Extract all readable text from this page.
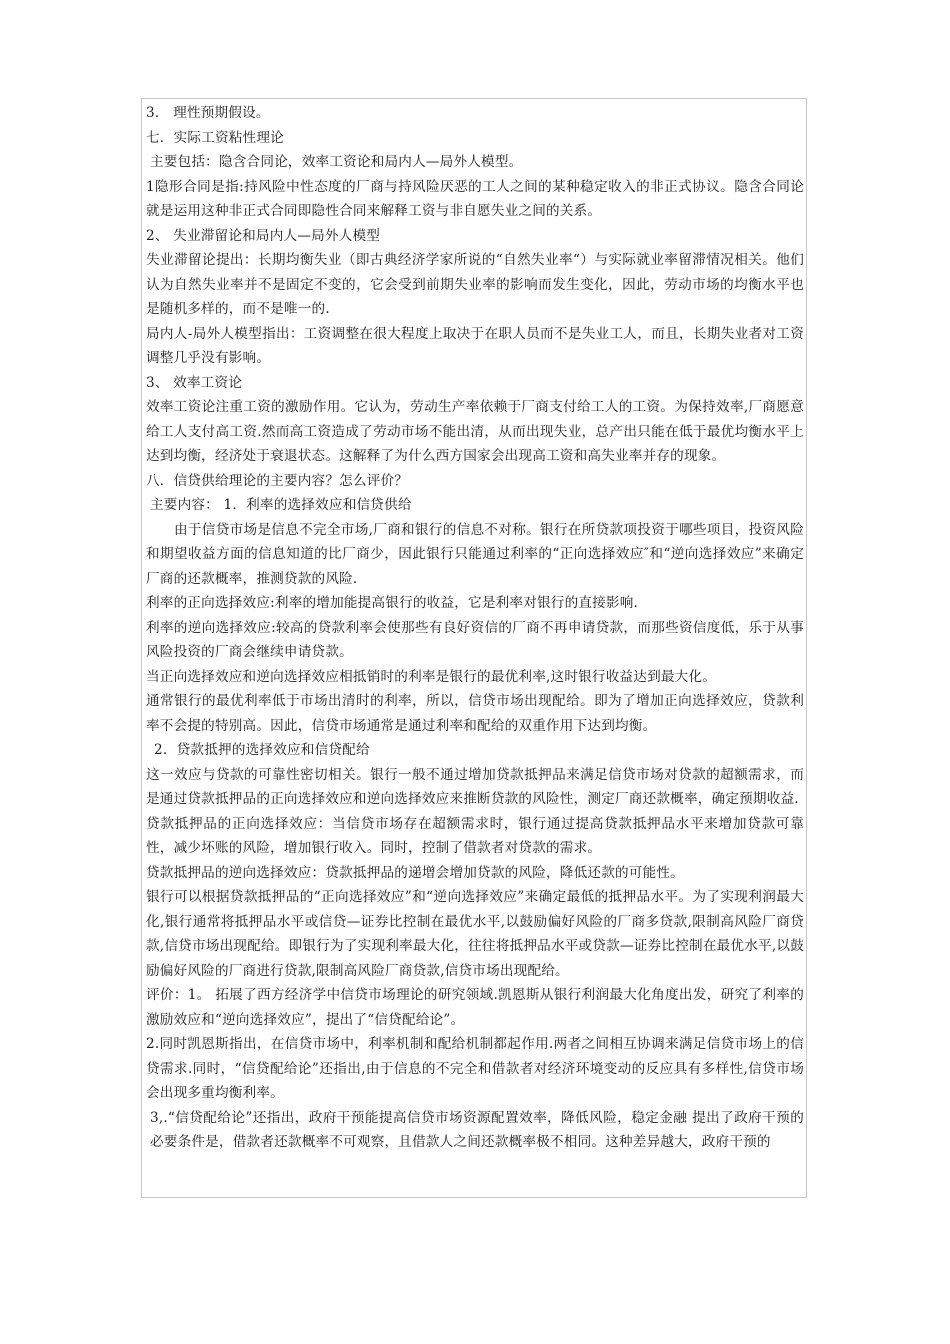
3． 理性预期假设。

七．实际工资粘性理论

主要包括：隐含合同论，效率工资论和局内人—局外人模型。

1隐形合同是指:持风险中性态度的厂商与持风险厌恶的工人之间的某种稳定收入的非正式协议。隐含合同论就是运用这种非正式合同即隐性合同来解释工资与非自愿失业之间的关系。

2、 失业滞留论和局内人—局外人模型

失业滞留论提出：长期均衡失业（即古典经济学家所说的“自然失业率“）与实际就业率留滞情况相关。他们认为自然失业率并不是固定不变的，它会受到前期失业率的影响而发生变化，因此，劳动市场的均衡水平也是随机多样的，而不是唯一的.

局内人-局外人模型指出：工资调整在很大程度上取决于在职人员而不是失业工人，而且，长期失业者对工资调整几乎没有影响。

3、 效率工资论

效率工资论注重工资的激励作用。它认为，劳动生产率依赖于厂商支付给工人的工资。为保持效率,厂商愿意给工人支付高工资.然而高工资造成了劳动市场不能出清，从而出现失业，总产出只能在低于最优均衡水平上达到均衡，经济处于衰退状态。这解释了为什么西方国家会出现高工资和高失业率并存的现象。

八．信贷供给理论的主要内容？怎么评价？

主要内容： 1．利率的选择效应和信贷供给

由于信贷市场是信息不完全市场,厂商和银行的信息不对称。银行在所贷款项投资于哪些项目，投资风险和期望收益方面的信息知道的比厂商少，因此银行只能通过利率的“正向选择效应″和“逆向选择效应”来确定厂商的还款概率，推测贷款的风险.

利率的正向选择效应:利率的增加能提高银行的收益，它是利率对银行的直接影响.

利率的逆向选择效应:较高的贷款利率会使那些有良好资信的厂商不再申请贷款，而那些资信度低，乐于从事风险投资的厂商会继续申请贷款。

当正向选择效应和逆向选择效应相抵销时的利率是银行的最优利率,这时银行收益达到最大化。

通常银行的最优利率低于市场出清时的利率，所以，信贷市场出现配给。即为了增加正向选择效应，贷款利率不会提的特别高。因此，信贷市场通常是通过利率和配给的双重作用下达到均衡。

2．贷款抵押的选择效应和信贷配给

这一效应与贷款的可靠性密切相关。银行一般不通过增加贷款抵押品来满足信贷市场对贷款的超额需求，而是通过贷款抵押品的正向选择效应和逆向选择效应来推断贷款的风险性，测定厂商还款概率，确定预期收益.

贷款抵押品的正向选择效应：当信贷市场存在超额需求时，银行通过提高贷款抵押品水平来增加贷款可靠性，减少坏账的风险，增加银行收入。同时，控制了借款者对贷款的需求。

贷款抵押品的逆向选择效应：贷款抵押品的递增会增加贷款的风险，降低还款的可能性。

银行可以根据贷款抵押品的“正向选择效应”和“逆向选择效应”来确定最低的抵押品水平。为了实现利润最大化,银行通常将抵押品水平或信贷—证券比控制在最优水平,以鼓励偏好风险的厂商多贷款,限制高风险厂商贷款,信贷市场出现配给。即银行为了实现利率最大化，往往将抵押品水平或贷款—证券比控制在最优水平,以鼓励偏好风险的厂商进行贷款,限制高风险厂商贷款,信贷市场出现配给。

评价：1。 拓展了西方经济学中信贷市场理论的研究领域.凯恩斯从银行利润最大化角度出发，研究了利率的激励效应和“逆向选择效应”，提出了“信贷配给论”。

2.同时凯恩斯指出，在信贷市场中，利率机制和配给机制都起作用.两者之间相互协调来满足信贷市场上的信贷需求.同时，“信贷配给论”还指出,由于信息的不完全和借款者对经济环境变动的反应具有多样性,信贷市场会出现多重均衡利率。

3,.“信贷配给论”还指出，政府干预能提高信贷市场资源配置效率，降低风险，稳定金融 提出了政府干预的必要条件是，借款者还款概率不可观察，且借款人之间还款概率极不相同。这种差异越大，政府干预的
